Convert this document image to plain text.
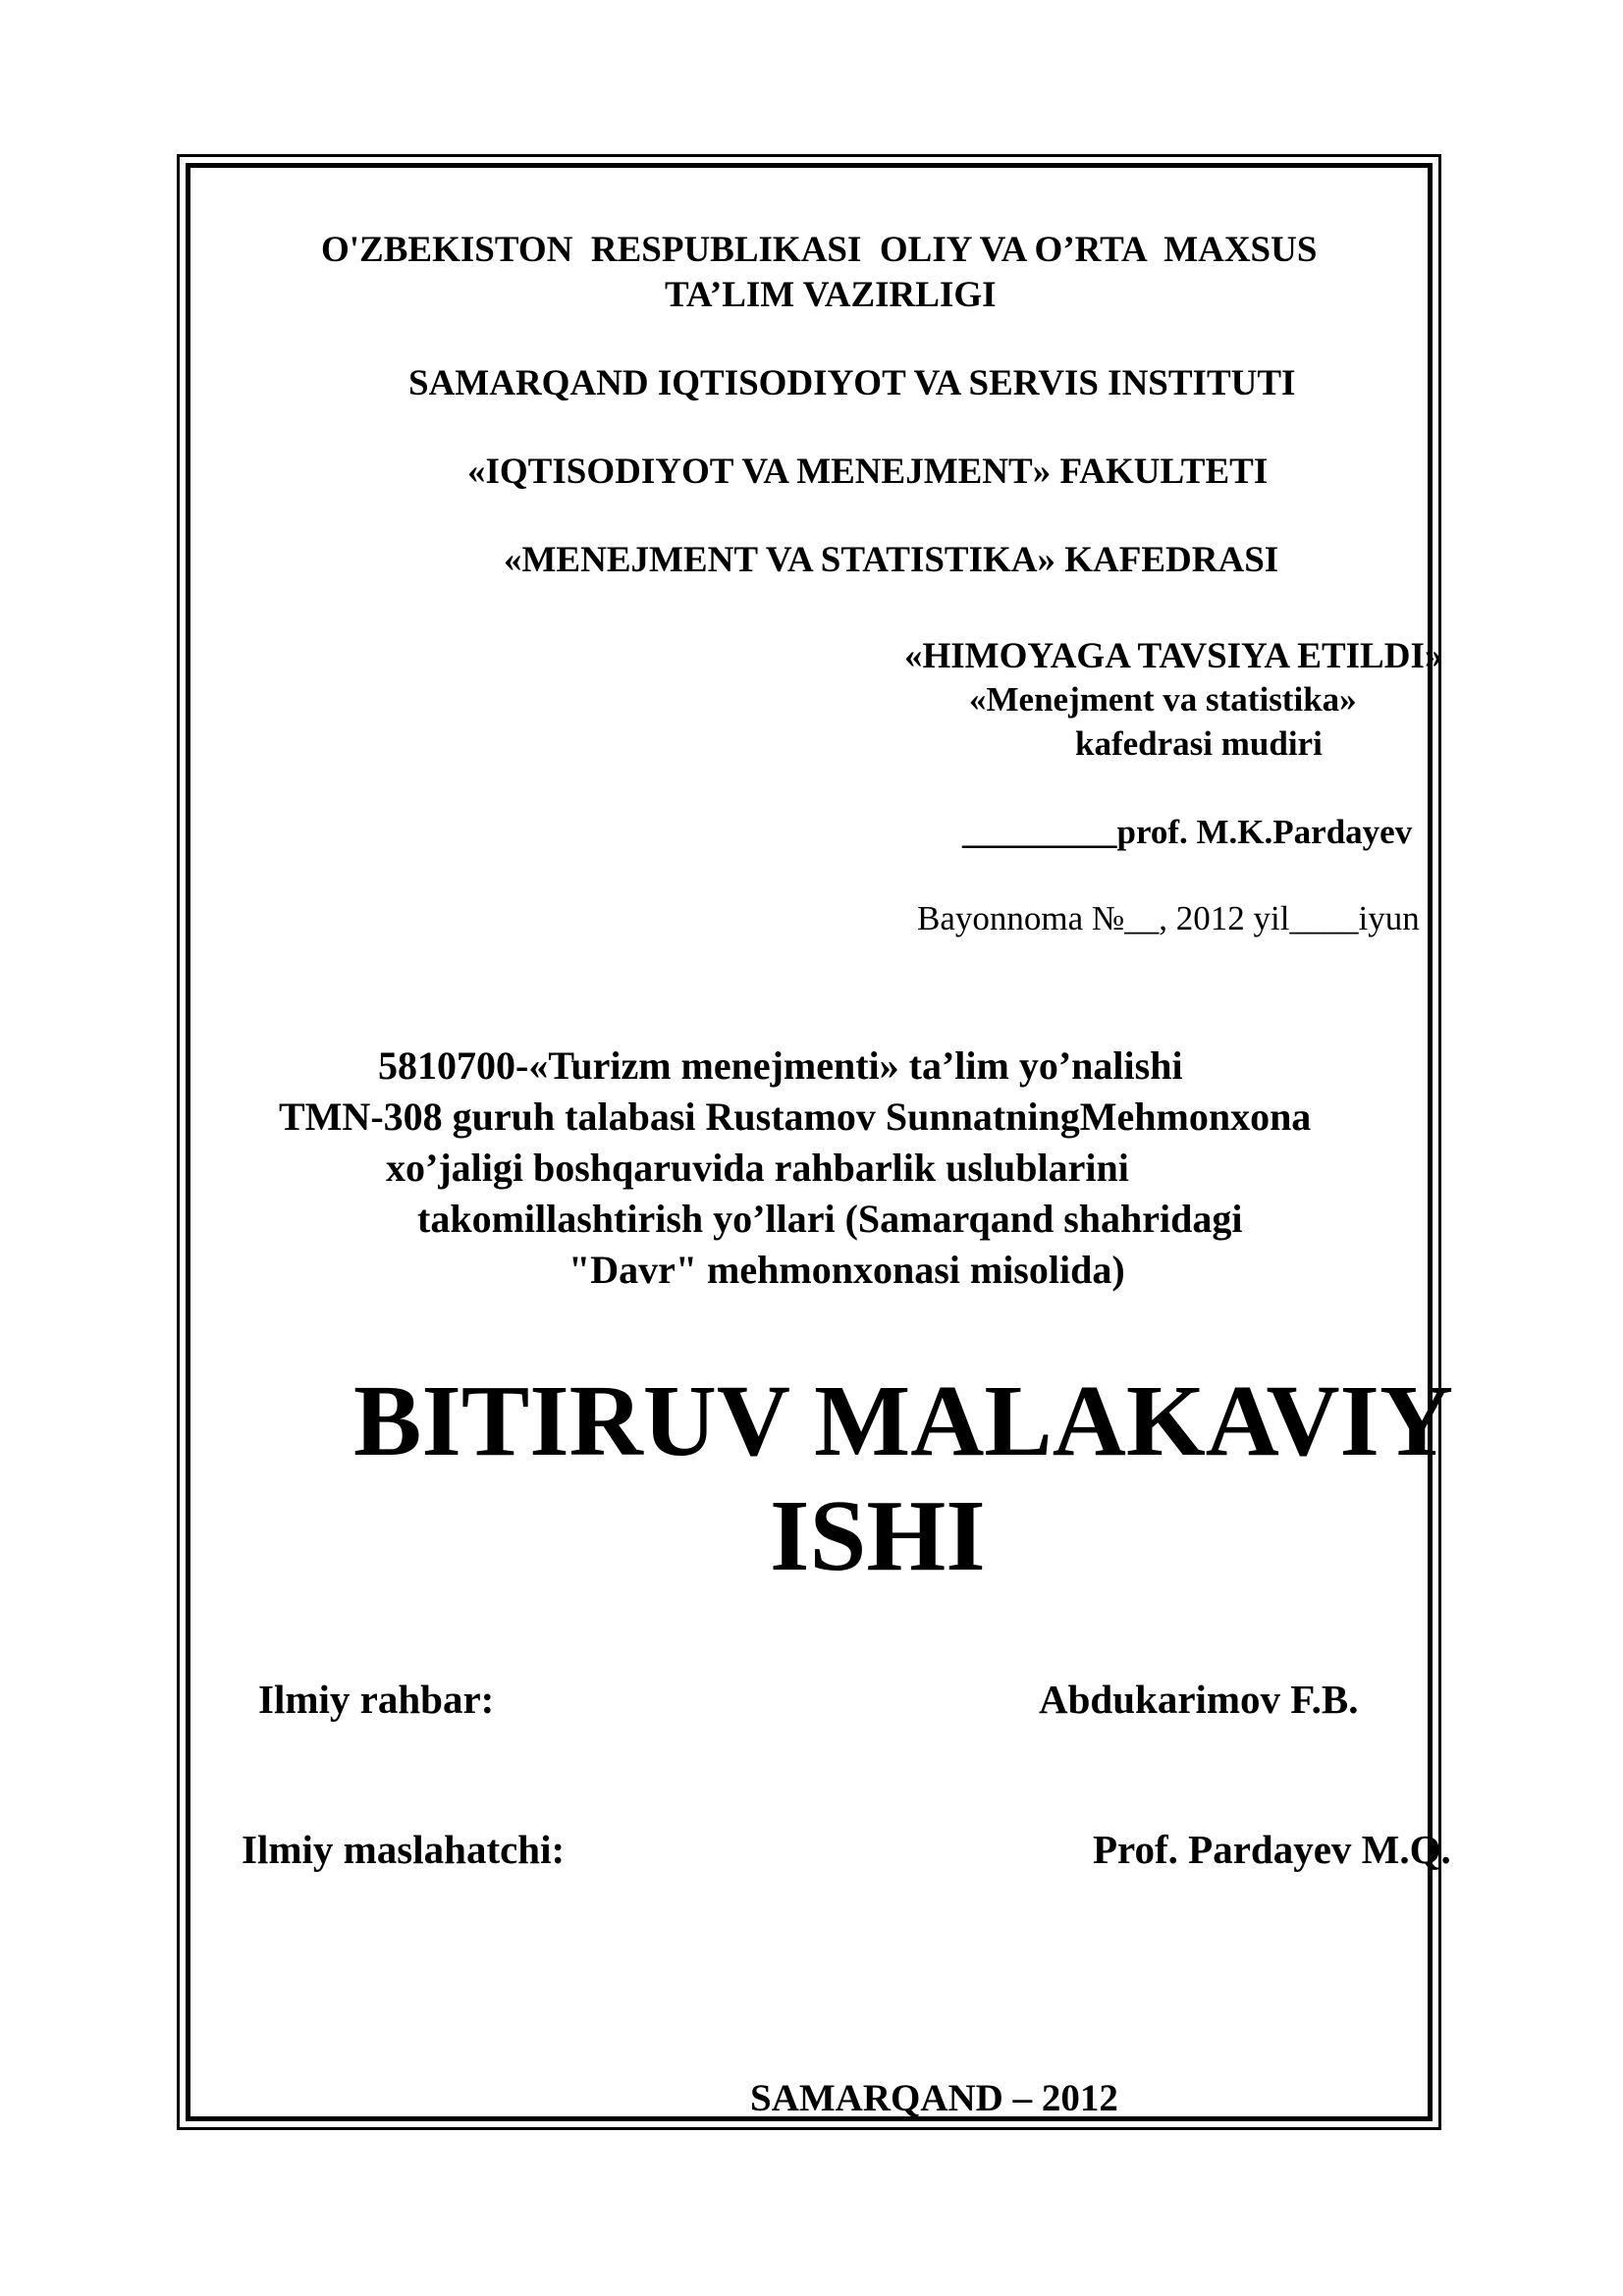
O'ZBEKISTON  RESPUBLIKASI  OLIY VA O’RTA  MAXSUS
TA’LIM VAZIRLIGI
SAMARQAND IQTISODIYOT VA SERVIS INSTITUTI
«IQTISODIYOT VA MENEJMENT» FAKULTETI
«MENEJMENT VA STATISTIKA» KAFEDRASI
«HIMOYAGA TAVSIYA ETILDI»
«Menejment va statistika»
kafedrasi mudiri
_________prof. M.K.Pardayev
Bayonnoma №__, 2012 yil____iyun
5810700-«Turizm menejmenti» ta’lim yo’nalishi
TMN-308 guruh talabasi Rustamov SunnatningMehmonxona
xo’jaligi boshqaruvida rahbarlik uslublarini
takomillashtirish yo’llari (Samarqand shahridagi
"Davr" mehmonxonasi misolida)
BITIRUV MALAKAVIY
ISHI
Ilmiy rahbar:	Abdukarimov F.B.
Ilmiy maslahatchi:	Prof. Pardayev M.Q.
SAMARQAND – 2012
